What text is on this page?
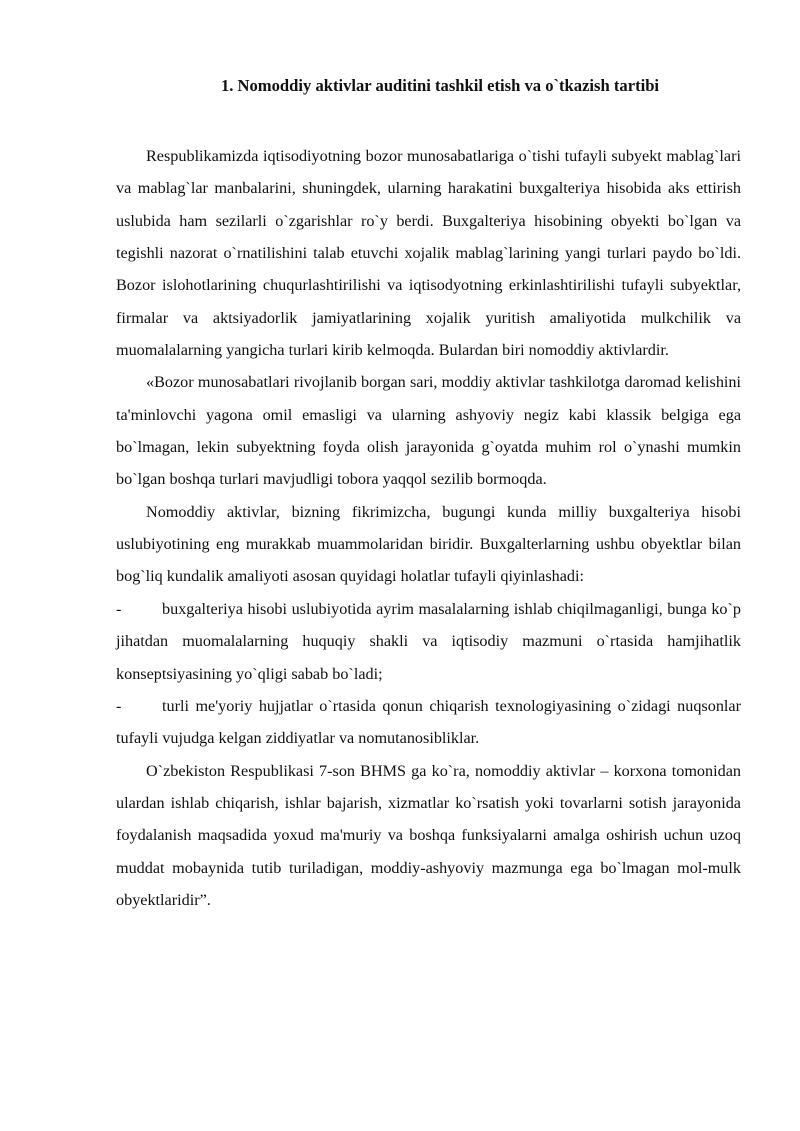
1. Nomoddiy aktivlar auditini tashkil etish va o`tkazish tartibi

Respublikamizda iqtisodiyotning bozor munosabatlariga o`tishi tufayli subyekt mablag`lari va mablag`lar manbalarini, shuningdek, ularning harakatini buxgalteriya hisobida aks ettirish uslubida ham sezilarli o`zgarishlar ro`y berdi. Buxgalteriya hisobining obyekti bo`lgan va tegishli nazorat o`rnatilishini talab etuvchi xojalik mablag`larining yangi turlari paydo bo`ldi. Bozor islohotlarining chuqurlashtirilishi va iqtisodyotning erkinlashtirilishi tufayli subyektlar, firmalar va aktsiyadorlik jamiyatlarining xojalik yuritish amaliyotida mulkchilik va muomalalarning yangicha turlari kirib kelmoqda. Bulardan biri nomoddiy aktivlardir.

«Bozor munosabatlari rivojlanib borgan sari, moddiy aktivlar tashkilotga daromad kelishini ta'minlovchi yagona omil emasligi va ularning ashyoviy negiz kabi klassik belgiga ega bo`lmagan, lekin subyektning foyda olish jarayonida g`oyatda muhim rol o`ynashi mumkin bo`lgan boshqa turlari mavjudligi tobora yaqqol sezilib bormoqda.

Nomoddiy aktivlar, bizning fikrimizcha, bugungi kunda milliy buxgalteriya hisobi uslubiyotining eng murakkab muammolaridan biridir. Buxgalterlarning ushbu obyektlar bilan bog`liq kundalik amaliyoti asosan quyidagi holatlar tufayli qiyinlashadi:

-	buxgalteriya hisobi uslubiyotida ayrim masalalarning ishlab chiqilmaganligi, bunga ko`p jihatdan muomalalarning huquqiy shakli va iqtisodiy mazmuni o`rtasida hamjihatlik konseptsiyasining yo`qligi sabab bo`ladi;

-	turli me'yoriy hujjatlar o`rtasida qonun chiqarish texnologiyasining o`zidagi nuqsonlar tufayli vujudga kelgan ziddiyatlar va nomutanosibliklar.

O`zbekiston Respublikasi 7-son BHMS ga ko`ra, nomoddiy aktivlar – korxona tomonidan ulardan ishlab chiqarish, ishlar bajarish, xizmatlar ko`rsatish yoki tovarlarni sotish jarayonida foydalanish maqsadida yoxud ma'muriy va boshqa funksiyalarni amalga oshirish uchun uzoq muddat mobaynida tutib turiladigan, moddiy-ashyoviy mazmunga ega bo`lmagan mol-mulk obyektlaridir”.
